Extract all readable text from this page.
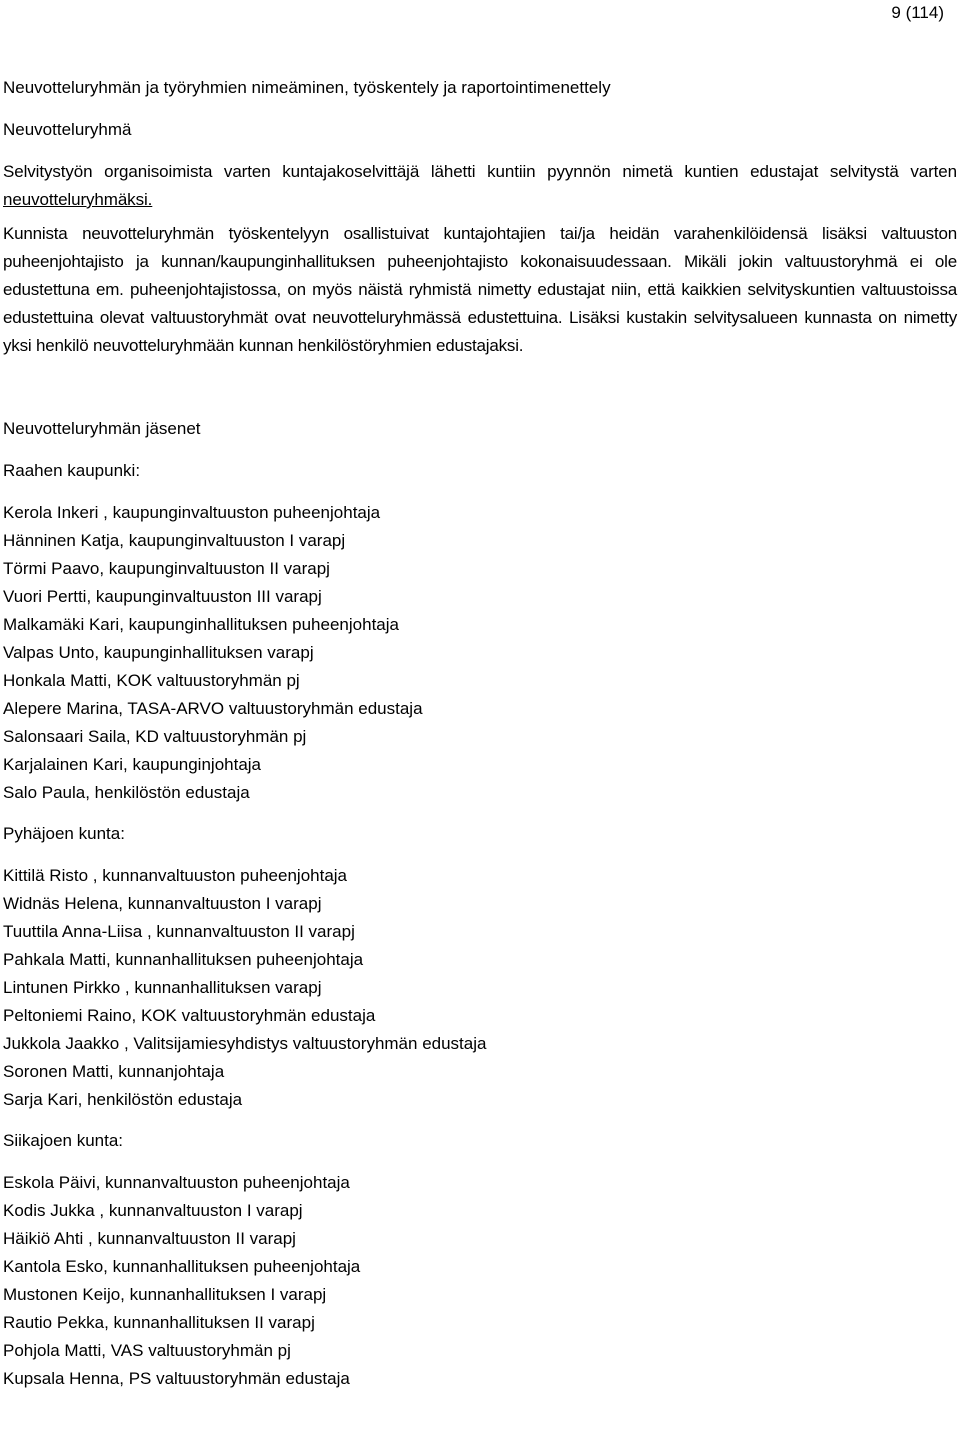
9 (114)

Neuvotteluryhmän ja työryhmien nimeäminen, työskentely ja raportointimenettely

Neuvotteluryhmä

Selvitystyön organisoimista varten kuntajakoselvittäjä lähetti kuntiin pyynnön nimetä kuntien edustajat selvitystä varten neuvotteluryhmäksi.

Kunnista neuvotteluryhmän työskentelyyn osallistuivat kuntajohtajien tai/ja heidän varahenkilöidensä lisäksi valtuuston puheenjohtajisto ja kunnan/kaupunginhallituksen puheenjohtajisto kokonaisuudessaan. Mikäli jokin valtuustoryhmä ei ole edustettuna em. puheenjohtajistossa, on myös näistä ryhmistä nimetty edustajat niin, että kaikkien selvityskuntien valtuustoissa edustettuina olevat valtuustoryhmät ovat neuvotteluryhmässä edustettuina. Lisäksi kustakin selvitysalueen kunnasta on nimetty yksi henkilö neuvotteluryhmään kunnan henkilöstöryhmien edustajaksi.

Neuvotteluryhmän jäsenet

Raahen kaupunki:

Kerola Inkeri , kaupunginvaltuuston puheenjohtaja
Hänninen Katja, kaupunginvaltuuston I varapj
Törmi Paavo, kaupunginvaltuuston II varapj
Vuori Pertti, kaupunginvaltuuston III varapj
Malkamäki Kari, kaupunginhallituksen puheenjohtaja
Valpas Unto, kaupunginhallituksen varapj
Honkala Matti, KOK valtuustoryhmän pj
Alepere Marina, TASA-ARVO valtuustoryhmän edustaja
Salonsaari Saila, KD valtuustoryhmän pj
Karjalainen Kari, kaupunginjohtaja
Salo Paula, henkilöstön edustaja

Pyhäjoen kunta:

Kittilä Risto , kunnanvaltuuston puheenjohtaja
Widnäs Helena, kunnanvaltuuston I varapj
Tuuttila Anna-Liisa , kunnanvaltuuston II varapj
Pahkala Matti, kunnanhallituksen puheenjohtaja
Lintunen Pirkko , kunnanhallituksen varapj
Peltoniemi Raino, KOK valtuustoryhmän edustaja
Jukkola Jaakko , Valitsijamiesyhdistys valtuustoryhmän edustaja
Soronen Matti, kunnanjohtaja
Sarja Kari, henkilöstön edustaja

Siikajoen kunta:

Eskola Päivi, kunnanvaltuuston puheenjohtaja
Kodis Jukka , kunnanvaltuuston I varapj
Häikiö Ahti , kunnanvaltuuston II varapj
Kantola Esko, kunnanhallituksen puheenjohtaja
Mustonen Keijo, kunnanhallituksen I varapj
Rautio Pekka, kunnanhallituksen II varapj
Pohjola Matti, VAS valtuustoryhmän pj
Kupsala Henna, PS valtuustoryhmän edustaja
